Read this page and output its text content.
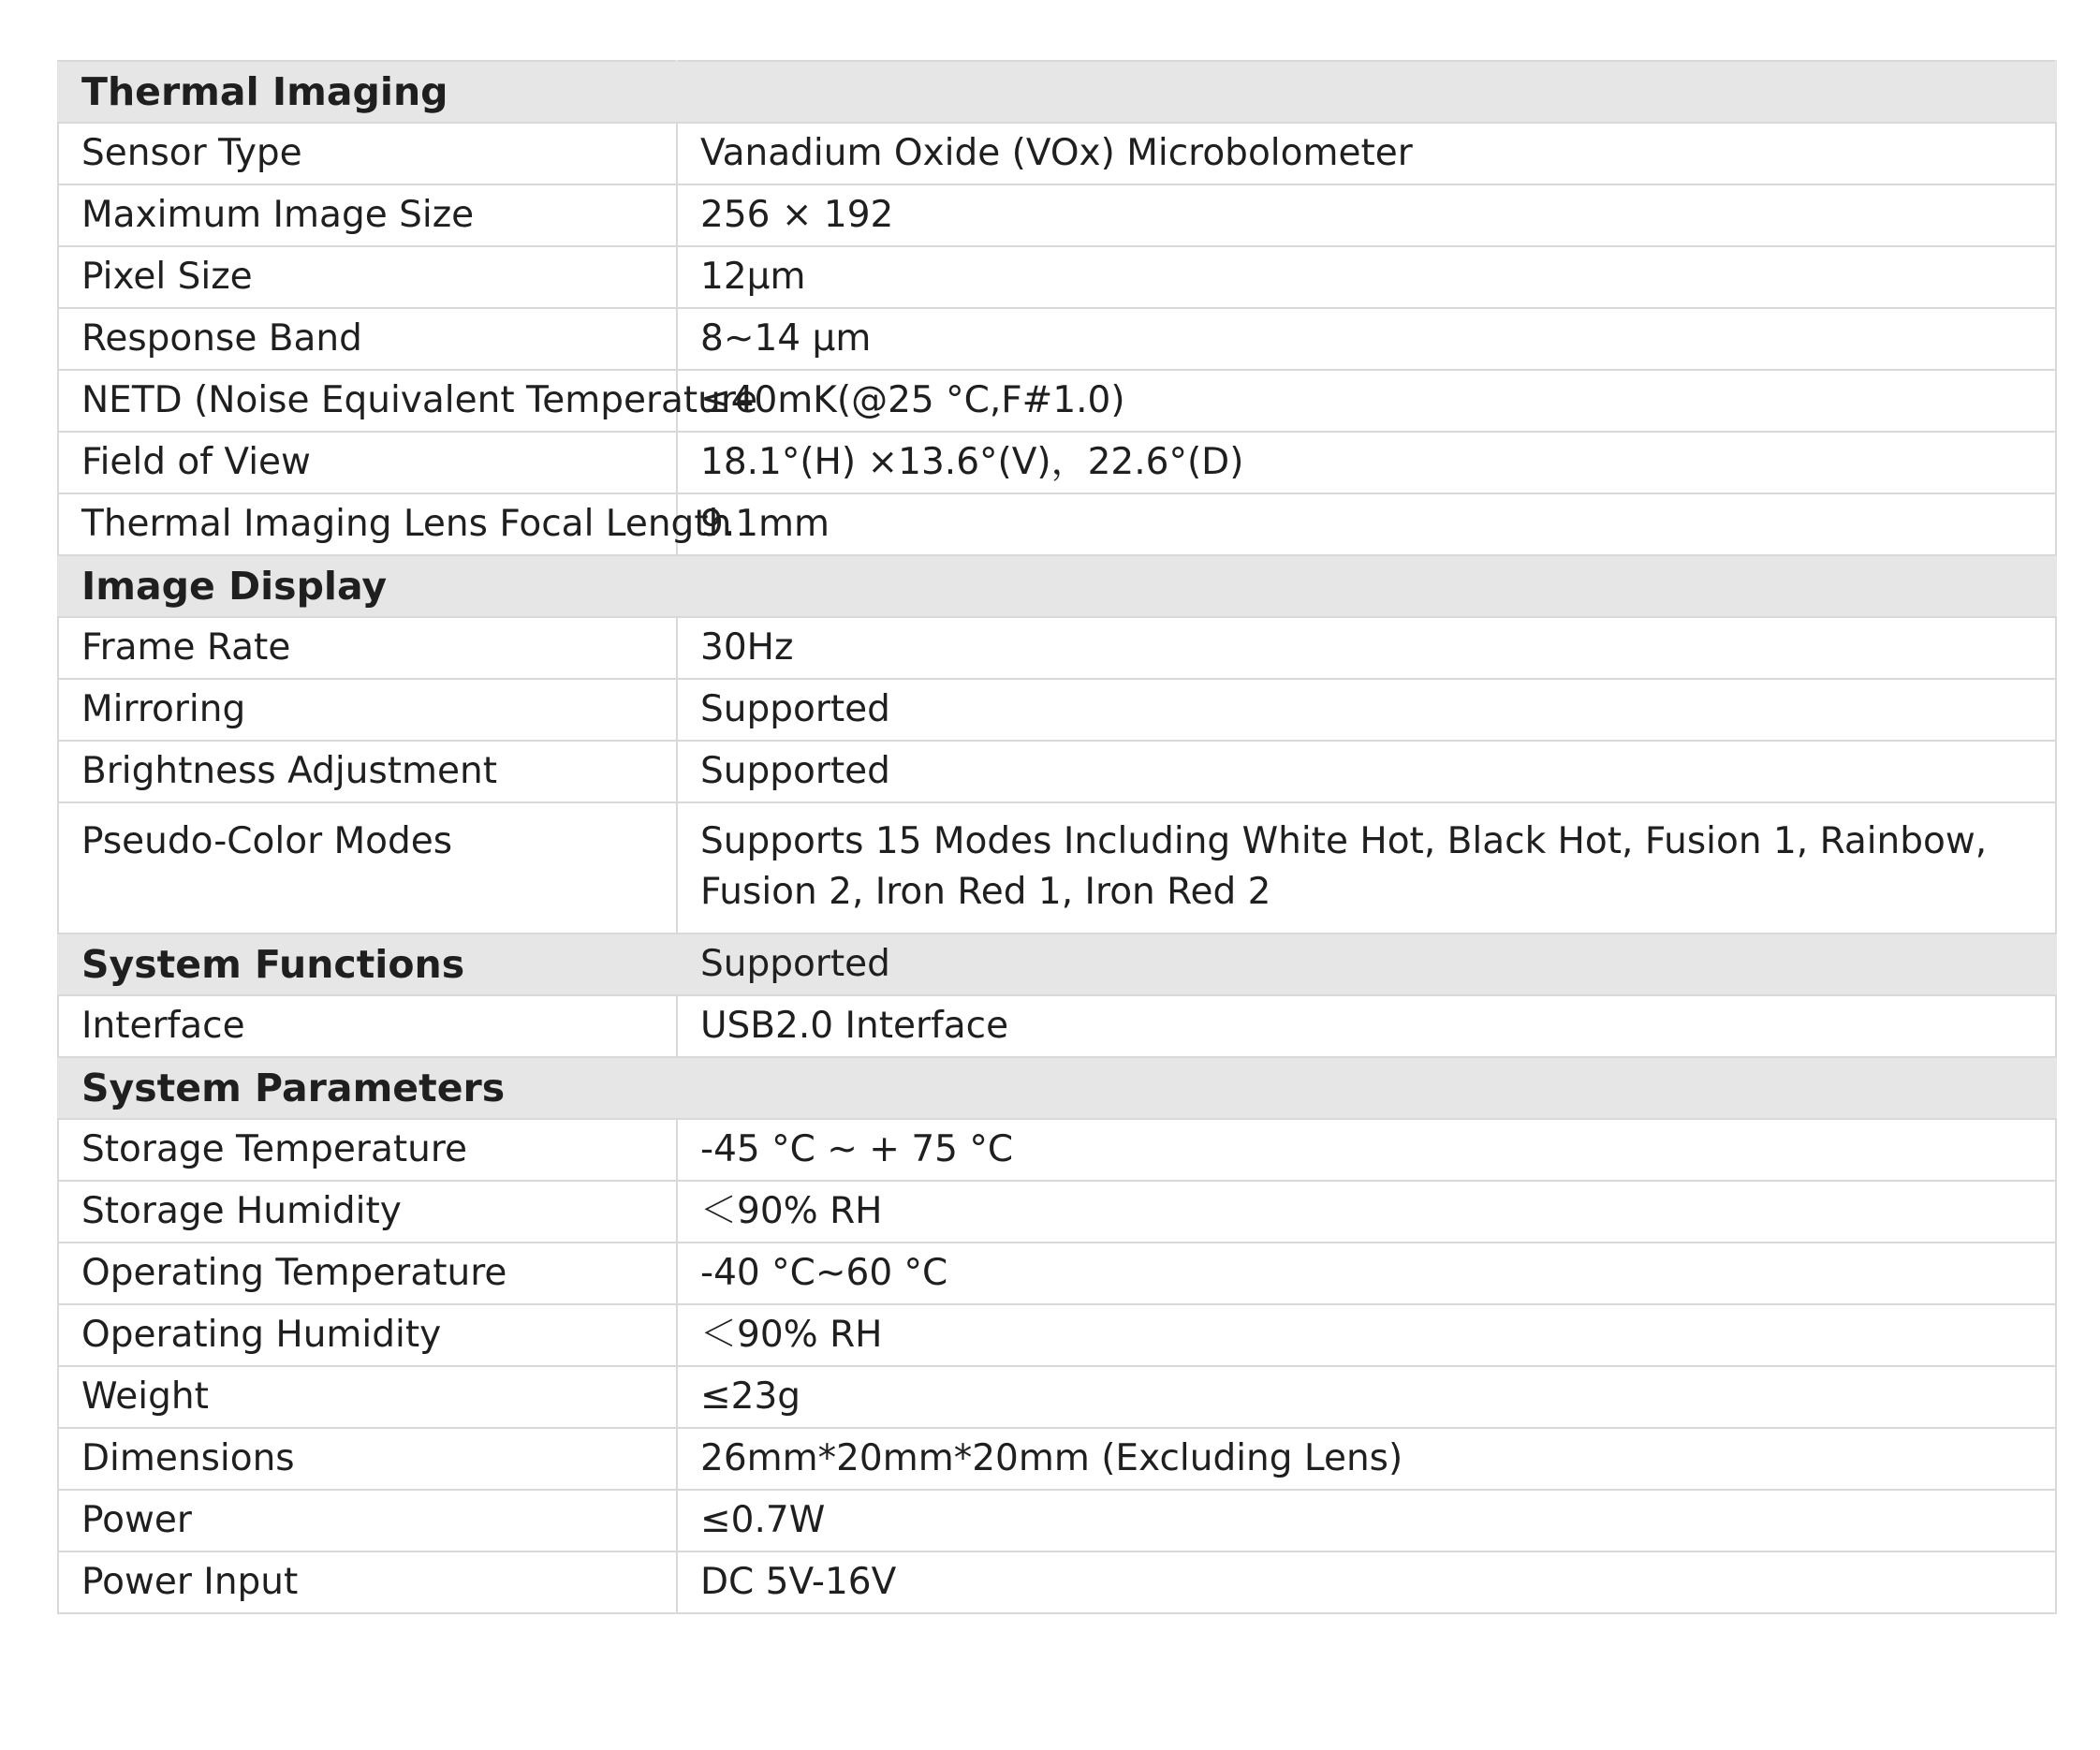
Thermal Imaging	
Sensor Type	Vanadium Oxide (VOx) Microbolometer
Maximum Image Size	256 × 192
Pixel Size	12μm
Response Band	8~14 μm
NETD (Noise Equivalent Temperature	≤40mK(@25 °C,F#1.0)
Field of View	18.1°(H) ×13.6°(V)，22.6°(D)
Thermal Imaging Lens Focal Length	9.1mm
Image Display	
Frame Rate	30Hz
Mirroring	Supported
Brightness Adjustment	Supported
Pseudo-Color Modes	Supports 15 Modes Including White Hot, Black Hot, Fusion 1, Rainbow, Fusion 2, Iron Red 1, Iron Red 2
System Functions	Supported
Interface	USB2.0 Interface
System Parameters	
Storage Temperature	-45 °C ~ + 75 °C
Storage Humidity	＜90% RH
Operating Temperature	-40 °C~60 °C
Operating Humidity	＜90% RH
Weight	≤23g
Dimensions	26mm*20mm*20mm (Excluding Lens)
Power	≤0.7W
Power Input	DC 5V-16V
